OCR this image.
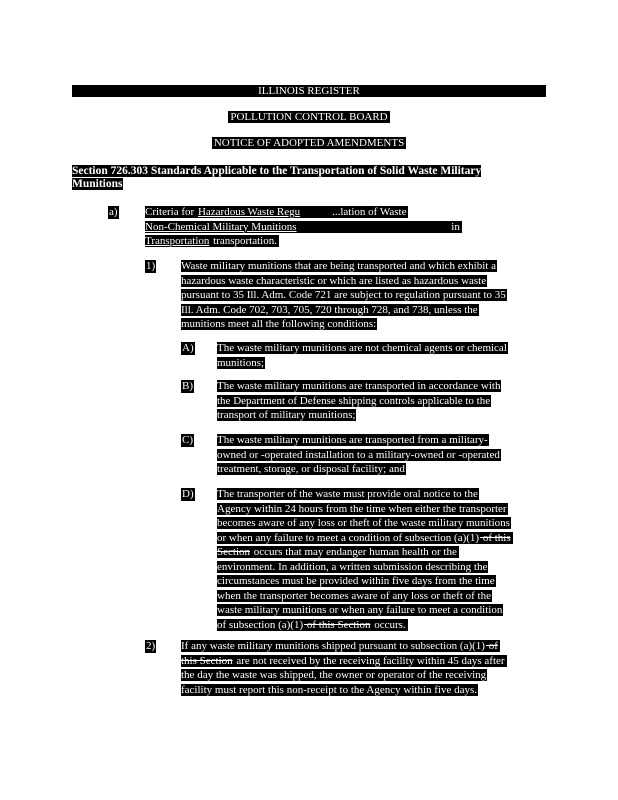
ILLINOIS REGISTER
POLLUTION CONTROL BOARD
NOTICE OF ADOPTED AMENDMENTS
Section 726.303 Standards Applicable to the Transportation of Solid Waste Military
Munitions
a) Criteria for Hazardous Waste Regu	...lation of Waste
Non-Chemical Military Munitions	in
Transportation transportation.
1) Waste military munitions that are being transported and which exhibit a
hazardous waste characteristic or which are listed as hazardous waste
pursuant to 35 Ill. Adm. Code 721 are subject to regulation pursuant to 35
Ill. Adm. Code 702, 703, 705, 720 through 728, and 738, unless the
munitions meet all the following conditions:
A) The waste military munitions are not chemical agents or chemical
munitions;
B) The waste military munitions are transported in accordance with
the Department of Defense shipping controls applicable to the
transport of military munitions;
C) The waste military munitions are transported from a military-
owned or -operated installation to a military-owned or -operated
treatment, storage, or disposal facility; and
D) The transporter of the waste must provide oral notice to the
Agency within 24 hours from the time when either the transporter
becomes aware of any loss or theft of the waste military munitions
or when any failure to meet a condition of subsection (a)(1) of this
Section occurs that may endanger human health or the
environment. In addition, a written submission describing the
circumstances must be provided within five days from the time
when the transporter becomes aware of any loss or theft of the
waste military munitions or when any failure to meet a condition
of subsection (a)(1) of this Section occurs.
2) If any waste military munitions shipped pursuant to subsection (a)(1) of
this Section are not received by the receiving facility within 45 days after
the day the waste was shipped, the owner or operator of the receiving
facility must report this non-receipt to the Agency within five days.
